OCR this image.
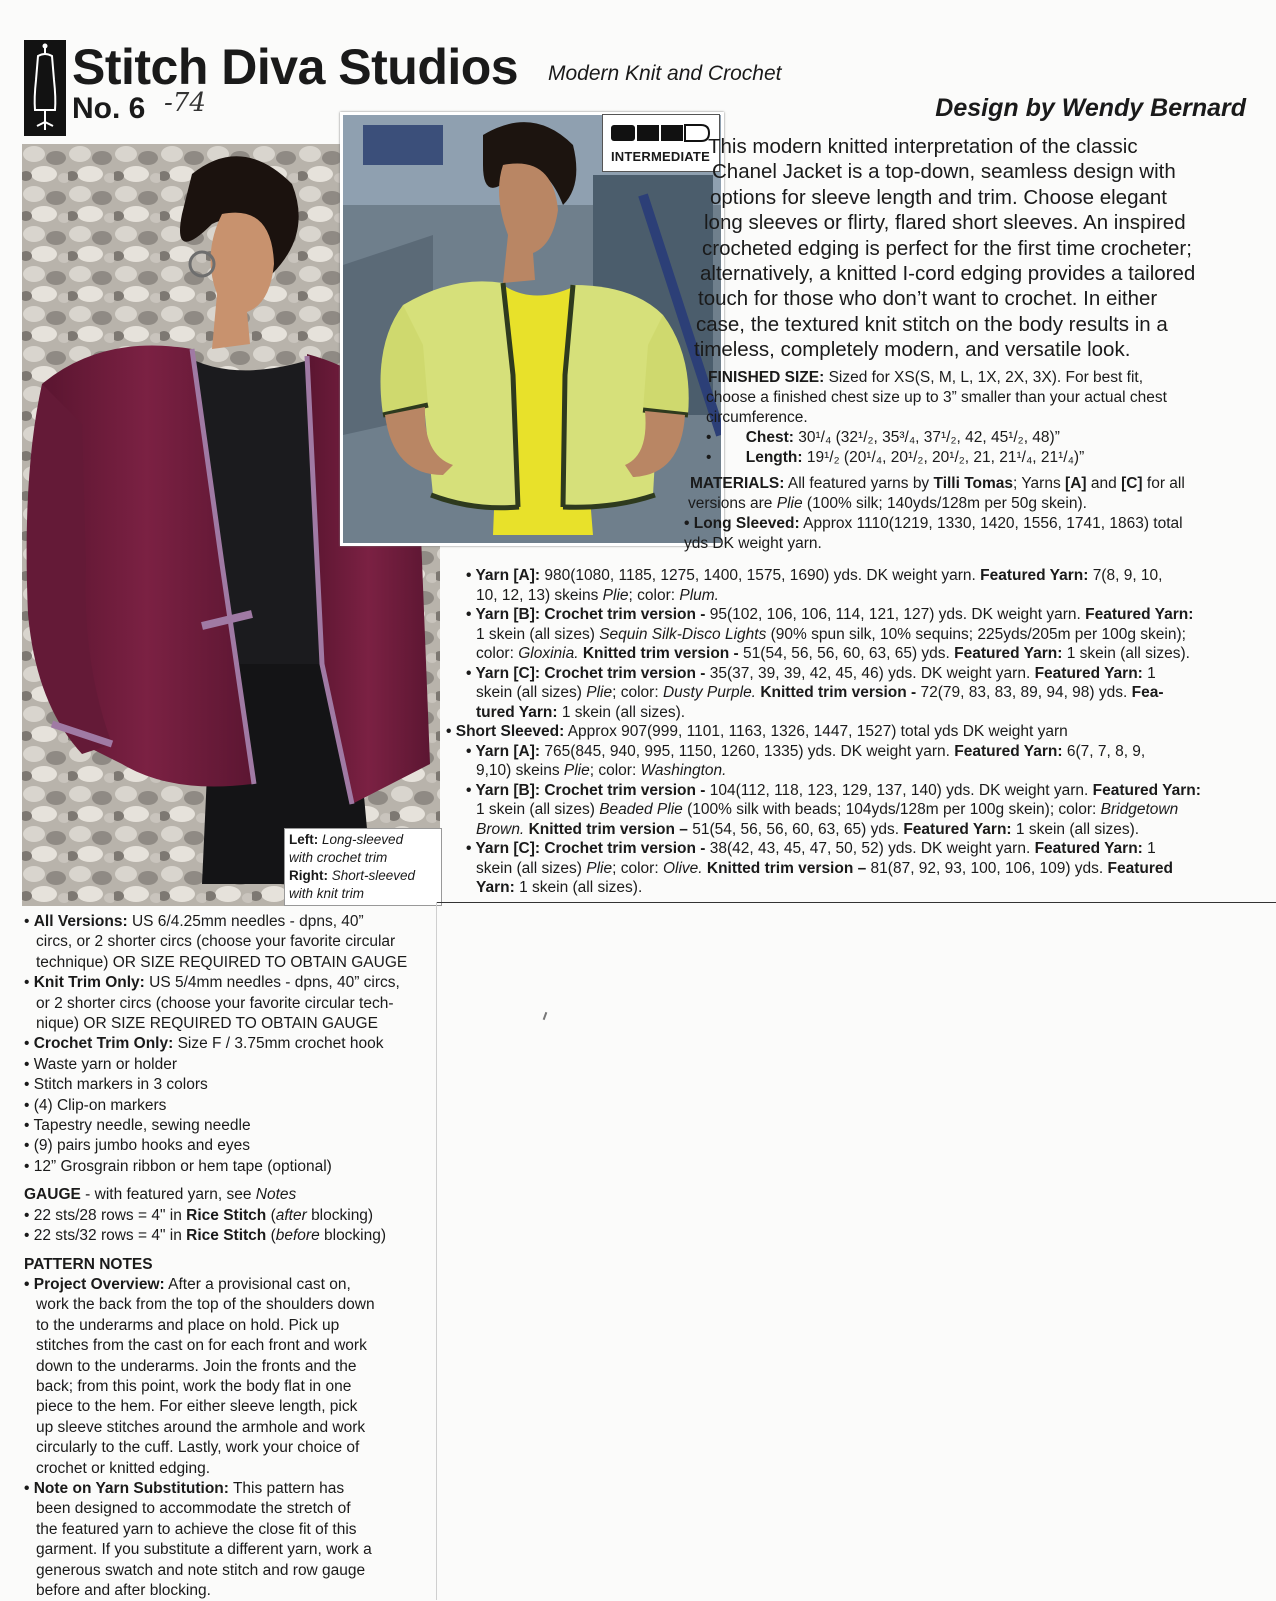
Stitch Diva Studios Modern Knit and Crochet
No. 6 -74	Design by Wendy Bernard
INTERMEDIATE
Left: Long-sleeved
with crochet trim
Right: Short-sleeved
with knit trim
This modern knitted interpretation of the classic
Chanel Jacket is a top-down, seamless design with
options for sleeve length and trim. Choose elegant
long sleeves or flirty, flared short sleeves. An inspired
crocheted edging is perfect for the first time crocheter;
alternatively, a knitted I-cord edging provides a tailored
touch for those who don’t want to crochet. In either
case, the textured knit stitch on the body results in a
timeless, completely modern, and versatile look.
FINISHED SIZE: Sized for XS(S, M, L, 1X, 2X, 3X). For best fit,
choose a finished chest size up to 3” smaller than your actual chest
circumference.
• Chest: 30¹/₄ (32¹/₂, 35³/₄, 37¹/₂, 42, 45¹/₂, 48)”
• Length: 19¹/₂ (20¹/₄, 20¹/₂, 20¹/₂, 21, 21¹/₄, 21¹/₄)”
MATERIALS: All featured yarns by Tilli Tomas; Yarns [A] and [C] for all
versions are Plie (100% silk; 140yds/128m per 50g skein).
• Long Sleeved: Approx 1110(1219, 1330, 1420, 1556, 1741, 1863) total
yds DK weight yarn.
• Yarn [A]: 980(1080, 1185, 1275, 1400, 1575, 1690) yds. DK weight yarn. Featured Yarn: 7(8, 9, 10,
10, 12, 13) skeins Plie; color: Plum.
• Yarn [B]: Crochet trim version - 95(102, 106, 106, 114, 121, 127) yds. DK weight yarn. Featured Yarn:
1 skein (all sizes) Sequin Silk-Disco Lights (90% spun silk, 10% sequins; 225yds/205m per 100g skein);
color: Gloxinia. Knitted trim version - 51(54, 56, 56, 60, 63, 65) yds. Featured Yarn: 1 skein (all sizes).
• Yarn [C]: Crochet trim version - 35(37, 39, 39, 42, 45, 46) yds. DK weight yarn. Featured Yarn: 1
skein (all sizes) Plie; color: Dusty Purple. Knitted trim version - 72(79, 83, 83, 89, 94, 98) yds. Fea-
tured Yarn: 1 skein (all sizes).
• Short Sleeved: Approx 907(999, 1101, 1163, 1326, 1447, 1527) total yds DK weight yarn
• Yarn [A]: 765(845, 940, 995, 1150, 1260, 1335) yds. DK weight yarn. Featured Yarn: 6(7, 7, 8, 9,
9,10) skeins Plie; color: Washington.
• Yarn [B]: Crochet trim version - 104(112, 118, 123, 129, 137, 140) yds. DK weight yarn. Featured Yarn:
1 skein (all sizes) Beaded Plie (100% silk with beads; 104yds/128m per 100g skein); color: Bridgetown
Brown. Knitted trim version – 51(54, 56, 56, 60, 63, 65) yds. Featured Yarn: 1 skein (all sizes).
• Yarn [C]: Crochet trim version - 38(42, 43, 45, 47, 50, 52) yds. DK weight yarn. Featured Yarn: 1
skein (all sizes) Plie; color: Olive. Knitted trim version – 81(87, 92, 93, 100, 106, 109) yds. Featured
Yarn: 1 skein (all sizes).
• All Versions: US 6/4.25mm needles - dpns, 40”
circs, or 2 shorter circs (choose your favorite circular
technique) OR SIZE REQUIRED TO OBTAIN GAUGE
• Knit Trim Only: US 5/4mm needles - dpns, 40” circs,
or 2 shorter circs (choose your favorite circular tech-
nique) OR SIZE REQUIRED TO OBTAIN GAUGE
• Crochet Trim Only: Size F / 3.75mm crochet hook
• Waste yarn or holder
• Stitch markers in 3 colors
• (4) Clip-on markers
• Tapestry needle, sewing needle
• (9) pairs jumbo hooks and eyes
• 12” Grosgrain ribbon or hem tape (optional)
GAUGE - with featured yarn, see Notes
• 22 sts/28 rows = 4" in Rice Stitch (after blocking)
• 22 sts/32 rows = 4" in Rice Stitch (before blocking)
PATTERN NOTES
• Project Overview: After a provisional cast on,
work the back from the top of the shoulders down
to the underarms and place on hold. Pick up
stitches from the cast on for each front and work
down to the underarms. Join the fronts and the
back; from this point, work the body flat in one
piece to the hem. For either sleeve length, pick
up sleeve stitches around the armhole and work
circularly to the cuff. Lastly, work your choice of
crochet or knitted edging.
• Note on Yarn Substitution: This pattern has
been designed to accommodate the stretch of
the featured yarn to achieve the close fit of this
garment. If you substitute a different yarn, work a
generous swatch and note stitch and row gauge
before and after blocking.
